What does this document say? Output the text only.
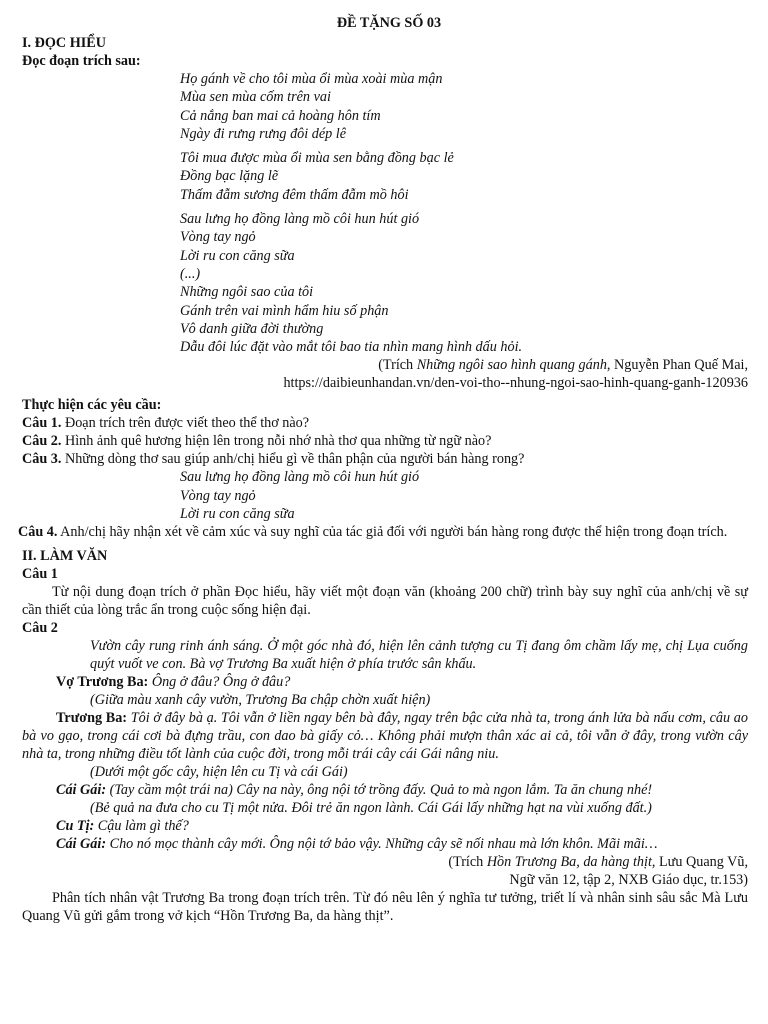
ĐỀ TẶNG SỐ 03
I. ĐỌC HIỂU
Đọc đoạn trích sau:
Họ gánh về cho tôi mùa ổi mùa xoài mùa mận
Mùa sen mùa cốm trên vai
Cả nắng ban mai cả hoàng hôn tím
Ngày đi rưng rưng đôi dép lê
Tôi mua được mùa ổi mùa sen bằng đồng bạc lẻ
Đồng bạc lặng lẽ
Thấm đẫm sương đêm thấm đẫm mồ hôi
Sau lưng họ đồng làng mồ côi hun hút gió
Vòng tay ngỏ
Lời ru con căng sữa
(...)
Những ngôi sao của tôi
Gánh trên vai mình hẩm hiu số phận
Vô danh giữa đời thường
Dẫu đôi lúc đặt vào mắt tôi bao tia nhìn mang hình dấu hỏi.
(Trích Những ngôi sao hình quang gánh, Nguyễn Phan Quế Mai,
https://daibieunhandan.vn/den-voi-tho--nhung-ngoi-sao-hinh-quang-ganh-120936
Thực hiện các yêu cầu:
Câu 1. Đoạn trích trên được viết theo thể thơ nào?
Câu 2. Hình ảnh quê hương hiện lên trong nỗi nhớ nhà thơ qua những từ ngữ nào?
Câu 3. Những dòng thơ sau giúp anh/chị hiểu gì về thân phận của người bán hàng rong?
Sau lưng họ đồng làng mồ côi hun hút gió
Vòng tay ngỏ
Lời ru con căng sữa
Câu 4. Anh/chị hãy nhận xét về cảm xúc và suy nghĩ của tác giả đối với người bán hàng rong được thể hiện trong đoạn trích.
II. LÀM VĂN
Câu 1
Từ nội dung đoạn trích ở phần Đọc hiểu, hãy viết một đoạn văn (khoảng 200 chữ) trình bày suy nghĩ của anh/chị về sự cần thiết của lòng trắc ẩn trong cuộc sống hiện đại.
Câu 2
Vườn cây rung rinh ánh sáng. Ở một góc nhà đó, hiện lên cảnh tượng cu Tị đang ôm chầm lấy mẹ, chị Lụa cuống quýt vuốt ve con. Bà vợ Trương Ba xuất hiện ở phía trước sân khấu.
Vợ Trương Ba: Ông ở đâu? Ông ở đâu?
(Giữa màu xanh cây vườn, Trương Ba chập chờn xuất hiện)
Trương Ba: Tôi ở đây bà ạ. Tôi vẫn ở liền ngay bên bà đây, ngay trên bậc cửa nhà ta, trong ánh lửa bà nấu cơm, câu ao bà vo gạo, trong cái cơi bà đựng trầu, con dao bà giấy cỏ… Không phải mượn thân xác ai cả, tôi vẫn ở đây, trong vườn cây nhà ta, trong những điều tốt lành của cuộc đời, trong mỗi trái cây cái Gái nâng niu.
(Dưới một gốc cây, hiện lên cu Tị và cái Gái)
Cái Gái: (Tay cầm một trái na) Cây na này, ông nội tớ trồng đấy. Quả to mà ngon lắm. Ta ăn chung nhé!
(Bẻ quả na đưa cho cu Tị một nửa. Đôi trẻ ăn ngon lành. Cái Gái lấy những hạt na vùi xuống đất.)
Cu Tị: Cậu làm gì thế?
Cái Gái: Cho nó mọc thành cây mới. Ông nội tớ bảo vậy. Những cây sẽ nối nhau mà lớn khôn. Mãi mãi…
(Trích Hồn Trương Ba, da hàng thịt, Lưu Quang Vũ,
Ngữ văn 12, tập 2, NXB Giáo dục, tr.153)
Phân tích nhân vật Trương Ba trong đoạn trích trên. Từ đó nêu lên ý nghĩa tư tưởng, triết lí và nhân sinh sâu sắc Mà Lưu Quang Vũ gửi gắm trong vở kịch “Hồn Trương Ba, da hàng thịt”.
